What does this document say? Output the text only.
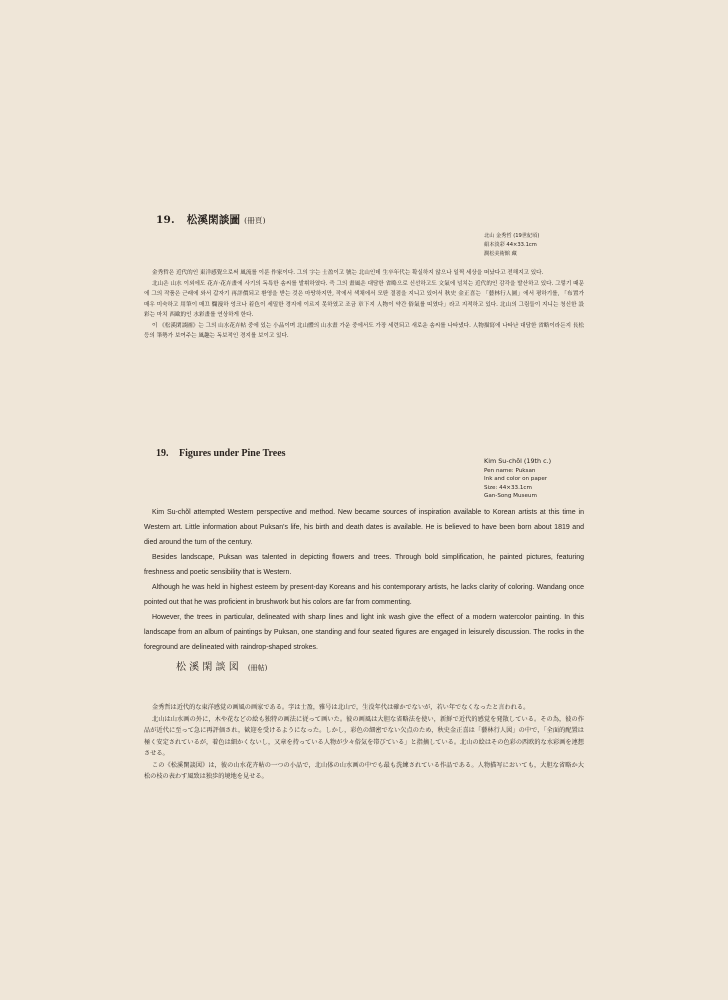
19. 松溪閑談圖 (冊頁)
北山 金秀哲 (19世紀頃)
絹本淡彩 44×33.1cm
澗松美術館 藏

金秀哲은 近代的인 東洋感覺으로써 風流를 이룬 作家이다. 그의 字는 士盈이고 號는 北山인데 生卒年代는 확실하지 않으나 일찍 세상을 떠났다고 전해지고 있다.

北山은 山水 이외에도 花卉·花卉畫에 사기의 독특한 솜씨를 발휘하였다. 즉 그의 畫風은 대담한 省略으로 신선하고도 文氣에 넘치는 近代的인 감각을 발산하고 있다. 그렇기 때문에 그의 작품은 근래에 와서 갑자기 再評價되고 환영을 받는 것은 마땅하지만, 작에서 색채에서 모딴 결점을 지니고 있어서 秋史 金正喜는 「藝林行人圖」에서 평하기를, 「布置가 매우 미숙하고 用筆이 매끄 爛漫하 엉크나 着色이 세밀한 경지에 이르지 못하였고 조금 章下지 人物이 약간 俗氣를 띠였다」라고 지적하고 있다. 北山의 그림들이 지니는 청신한 設彩는 마치 西歐的인 水彩畫를 연상하게 한다.

이 《松溪閑談圖》는 그의 山水花卉帖 중에 있는 小品이며 北山體의 山水畫 가운 중에서도 가장 세련되고 새로운 솜씨를 나타냈다. 人物描寫에 나타난 대담한 省略이라든지 長松등의 筆勢가 보여주는 風趣는 독보적인 경지를 보이고 있다.

19. Figures under Pine Trees
Kim Su-chŏl (19th c.)
Pen name: Puksan
Ink and color on paper
Size: 44×33.1cm
Gan-Song Museum

Kim Su-chŏl attempted Western perspective and method. New became sources of inspiration available to Korean artists at this time in Western art. Little information about Puksan's life, his birth and death dates is available. He is believed to have been born about 1819 and died around the turn of the century.

Besides landscape, Puksan was talented in depicting flowers and trees. Through bold simplification, he painted pictures, featuring freshness and poetic sensibility that is Western.

Although he was held in highest esteem by present-day Koreans and his contemporary artists, he lacks clarity of coloring. Wandang once pointed out that he was proficient in brushwork but his colors are far from commenting.

However, the trees in particular, delineated with sharp lines and light ink wash give the effect of a modern watercolor painting. In this landscape from an album of paintings by Puksan, one standing and four seated figures are engaged in leisurely discussion. The rocks in the foreground are delineated with raindrop-shaped strokes.

松 溪 閑 談 図 (冊帖)

金秀哲は近代的な東洋感覚の画風の画家である。字は士盈，雅号は北山で，生没年代は確かでないが，若い年でなくなったと言われる。

北山は山水画の外に，木や花などの絵も独特の画法に従って画いた。彼の画風は大胆な省略法を使い，新鮮で近代的感覚を発散している。その為，彼の作品が近代に至って急に再評価され，歓迎を受けるようになった。しかし，彩色の細密でない欠点のため，秋史金正喜は「藝林行人図」の中で，「全面的配置は極く安定されているが，着色は細かくないし，又章を持っている人物が少々俗気を帯びている」と指摘している。北山の絵はその色彩の西欧的な水彩画を連想させる。

この《松溪閑談図》は，彼の山水花卉帖の一つの小品で，北山体の山水画の中でも最も洗練されている作品である。人物描写においても，大胆な省略か大松の枝の表わす風致は独歩的境地を見せる。
